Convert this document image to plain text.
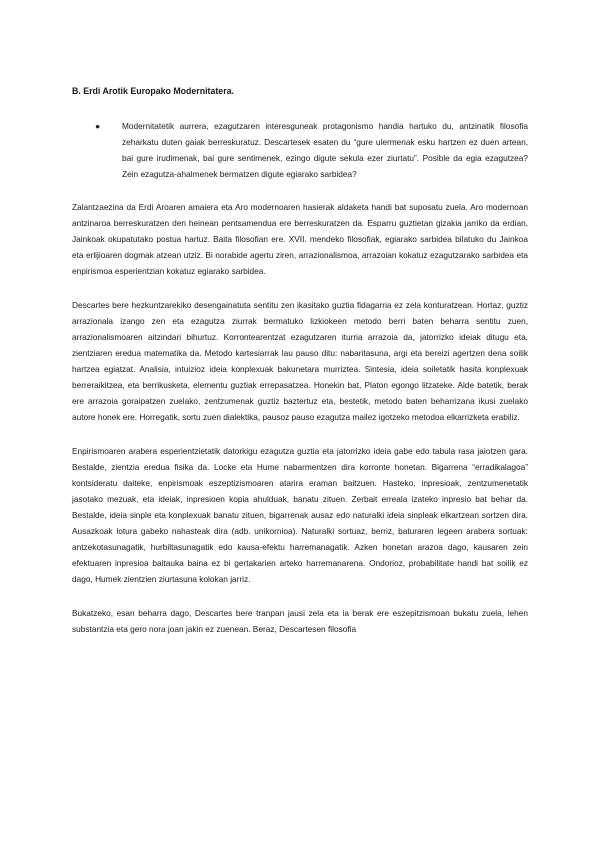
B. Erdi Arotik Europako Modernitatera.
●	Modernitatetik aurrera, ezagutzaren interesguneak protagonismo handia hartuko du, antzinatik filosofia zeharkatu duten gaiak berreskuratuz. Descartesek esaten du “gure ulermenak esku hartzen ez duen artean, bai gure irudimenak, bai gure sentimenek, ezingo digute sekula ezer ziurtatu”. Posible da egia ezagutzea? Zein ezagutza-ahalmenek bermatzen digute egiarako sarbidea?

Zalantzaezina da Erdi Aroaren amaiera eta Aro modernoaren hasierak aldaketa handi bat suposatu zuela. Aro modernoan antzinaroa berreskuratzen den heinean pentsamendua ere berreskuratzen da. Esparru guztietan gizakia jarriko da erdian, Jainkoak okupatutako postua hartuz. Baita filosofian ere. XVII. mendeko filosofiak, egiarako sarbidea bilatuko du Jainkoa eta erlijioaren dogmak atzean utziz. Bi norabide agertu ziren, arrazionalismoa, arrazoian kokatuz ezagutzarako sarbidea eta enpirismoa esperientzian kokatuz egiarako sarbidea.

Descartes bere hezkuntzarekiko desengainatuta sentitu zen ikasitako guztia fidagarria ez zela konturatzean. Hortaz, guztiz arrazionala izango zen eta ezagutza ziurrak bermatuko lizkiokeen metodo berri baten beharra sentitu zuen, arrazionalismoaren aitzindari bihurtuz. Korrontearentzat ezagutzaren iturria arrazoia da, jatorrizko ideiak ditugu eta, zientziaren eredua matematika da. Metodo kartesiarrak lau pauso ditu: nabaritasuna, argi eta bereizi agertzen dena soilik hartzea egiatzat. Analisia, intuizioz ideia konplexuak bakunetara murriztea. Sintesia, ideia soiletatik hasita konplexuak berreraikitzea, eta berrikusketa, elementu guztiak errepasatzea. Honekin bat, Platon egongo litzateke. Alde batetik, berak ere arrazoia goraipatzen zuelako, zentzumenak guztiz baztertuz eta, bestetik, metodo baten beharrizana ikusi zuelako autore honek ere. Horregatik, sortu zuen dialektika, pausoz pauso ezagutza mailez igotzeko metodoa elkarrizketa erabiliz.

Enpirismoaren arabera esperientzietatik datorkigu ezagutza guztia eta jatorrizko ideia gabe edo tabula rasa jaiotzen gara. Bestalde, zientzia eredua fisika da. Locke eta Hume nabarmentzen dira korronte honetan. Bigarrena “erradikalagoa” kontsideratu daiteke, enpirismoak eszeptizismoaren atarira eraman baitzuen. Hasteko, inpresioak, zentzumenetatik jasotako mezuak, eta ideiak, inpresioen kopia ahulduak, banatu zituen. Zerbait erreala izateko inpresio bat behar da. Bestalde, ideia sinple eta konplexuak banatu zituen, bigarrenak ausaz edo naturalki ideia sinpleak elkartzean sortzen dira. Ausazkoak lotura gabeko nahasteak dira (adb. unikornioa). Naturalki sortuaz, berriz, baturaren legeen arabera sortuak: antzekotasunagatik, hurbiltasunagatik edo kausa-efektu harremanagatik. Azken honetan arazoa dago, kausaren zein efektuaren inpresioa baitauka baina ez bi gertakarien arteko harremanarena. Ondorioz, probabilitate handi bat soilik ez dago, Humek zientzien ziurtasuna kolokan jarriz.

Bukatzeko, esan beharra dago, Descartes bere tranpan jausi zela eta ia berak ere eszepitzismoan bukatu zuela, lehen substantzia eta gero nora joan jakin ez zuenean. Beraz, Descartesen filosofia
